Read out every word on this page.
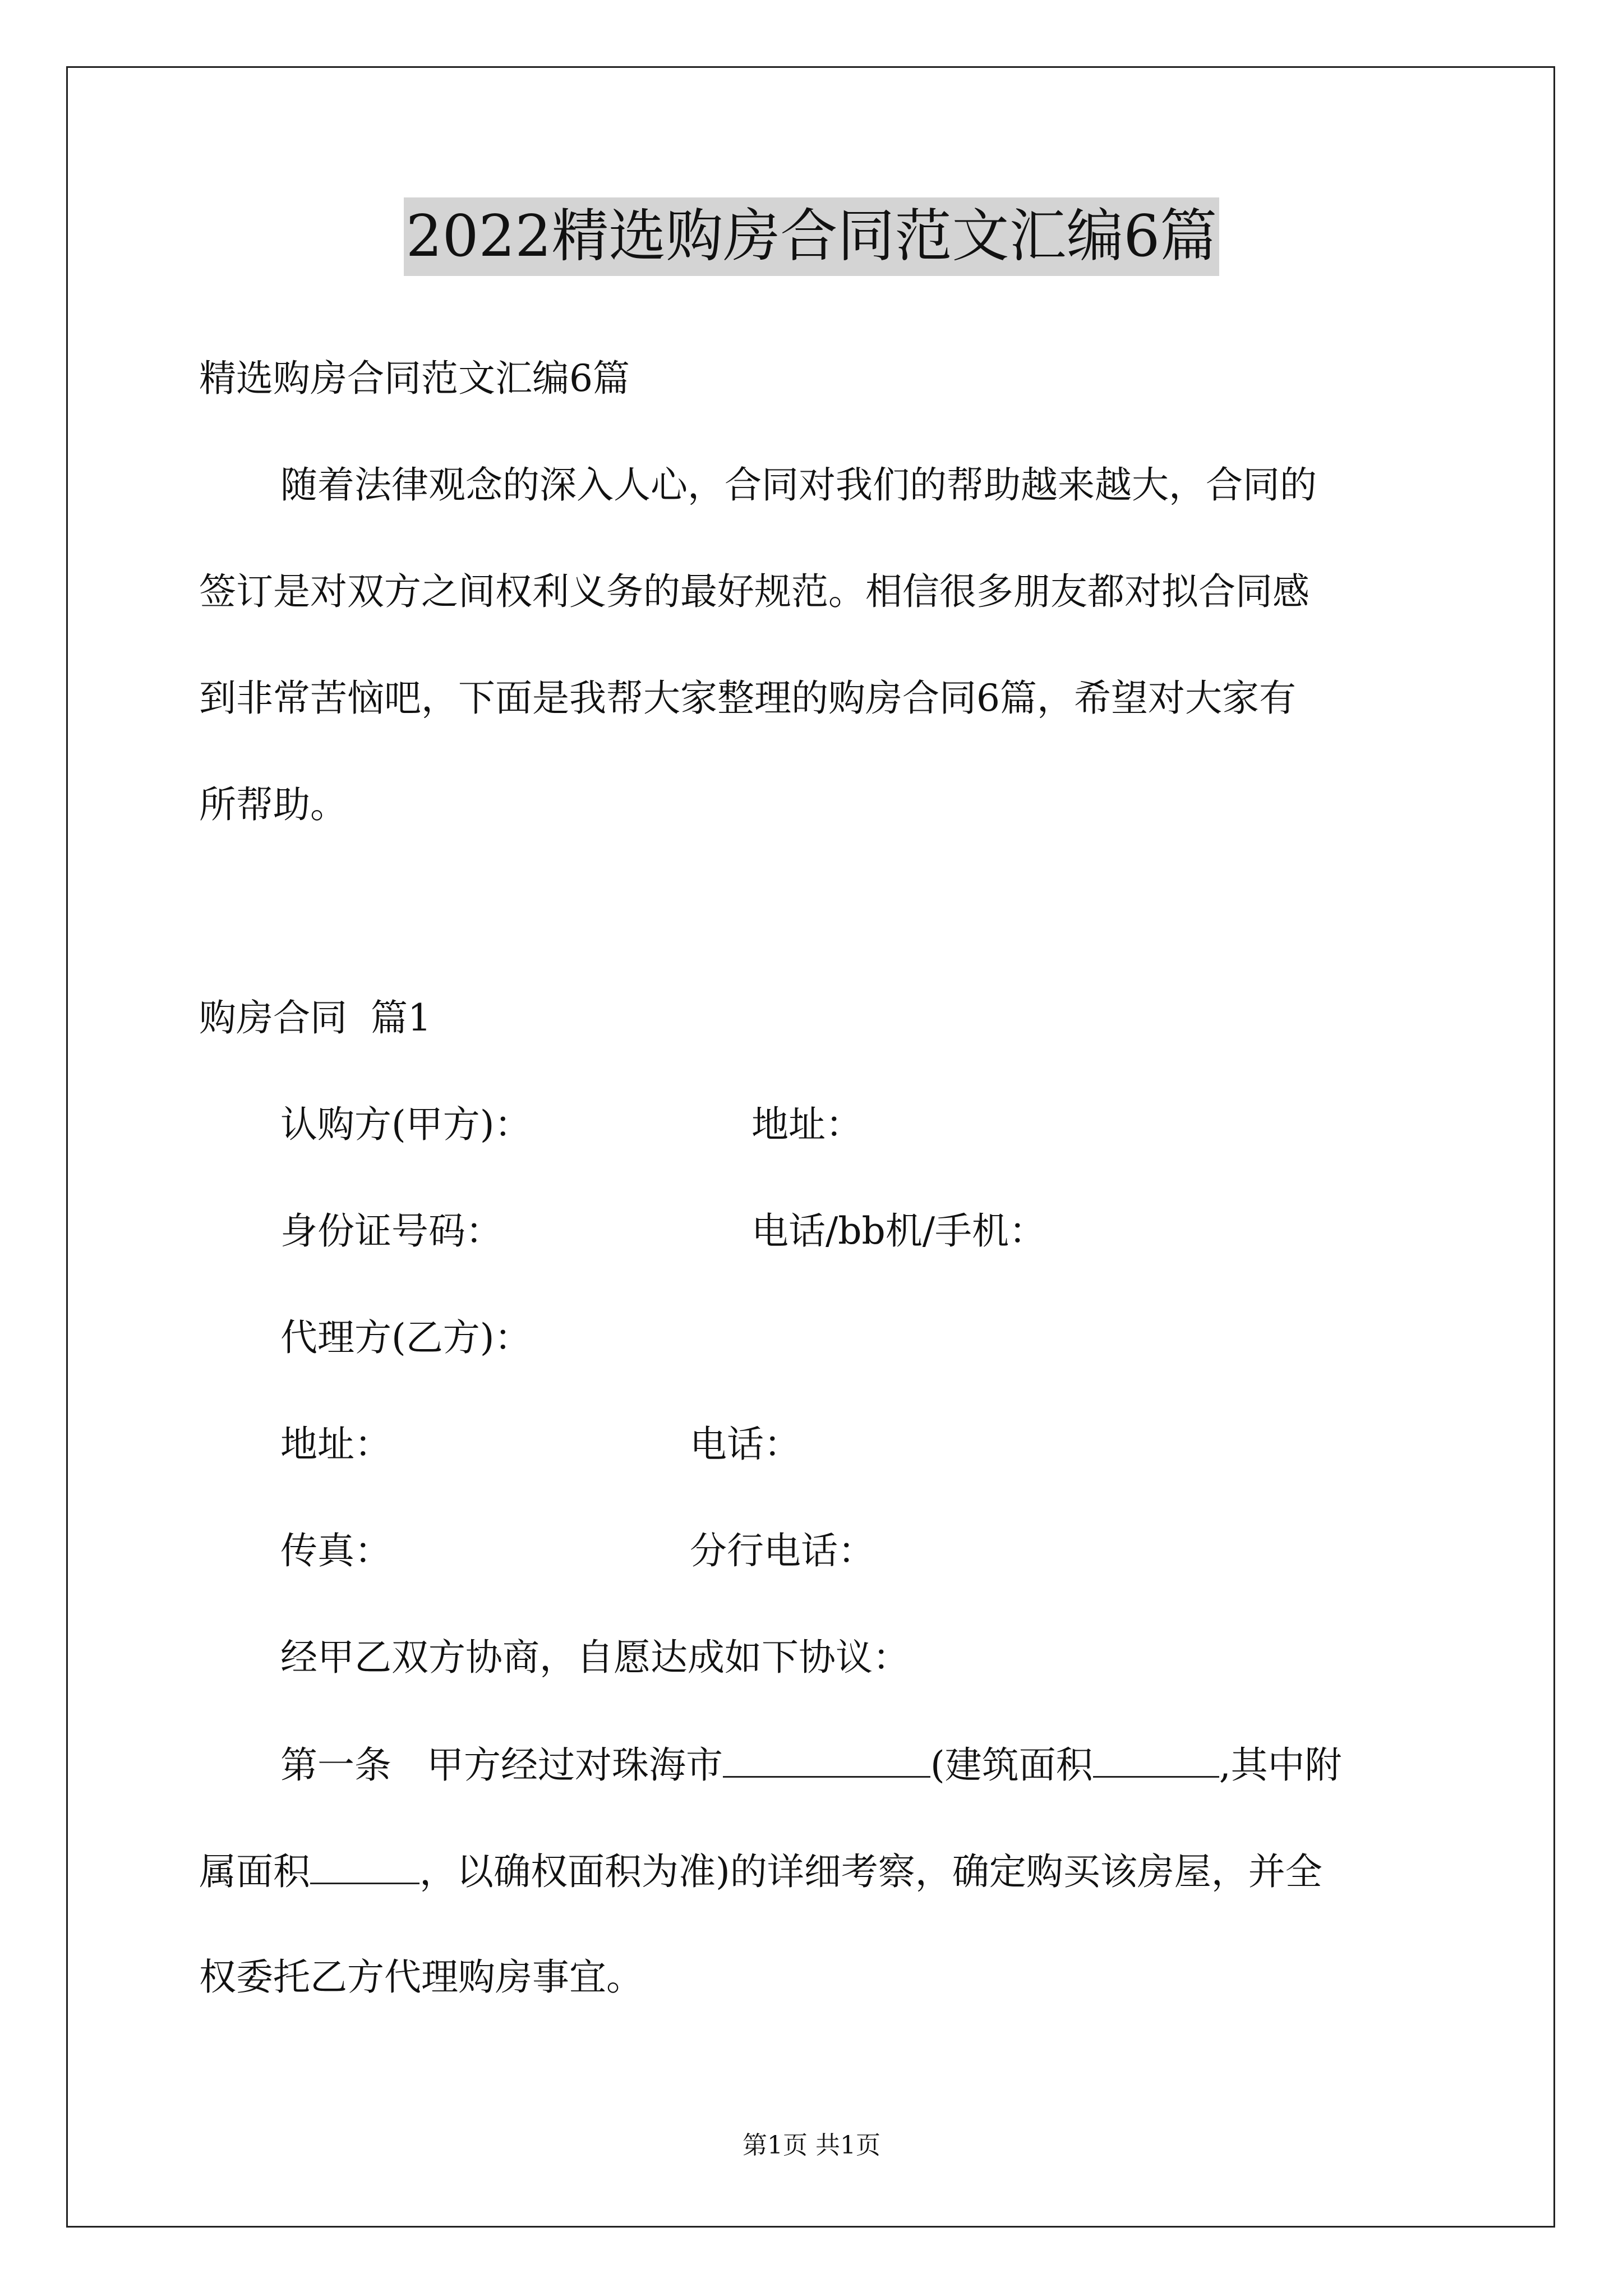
2022精选购房合同范文汇编6篇
精选购房合同范文汇编6篇
随着法律观念的深入人心，合同对我们的帮助越来越大，合同的
签订是对双方之间权利义务的最好规范。相信很多朋友都对拟合同感
到非常苦恼吧，下面是我帮大家整理的购房合同6篇，希望对大家有
所帮助。
购房合同  篇1
认购方(甲方)：	地址：
身份证号码：	电话/bb机/手机：
代理方(乙方)：
地址：	电话：
传真：	分行电话：
经甲乙双方协商，自愿达成如下协议：
第一条   甲方经过对珠海市	(建筑面积	,其中附
属面积	，以确权面积为准)的详细考察，确定购买该房屋，并全
权委托乙方代理购房事宜。
第1页 共1页
